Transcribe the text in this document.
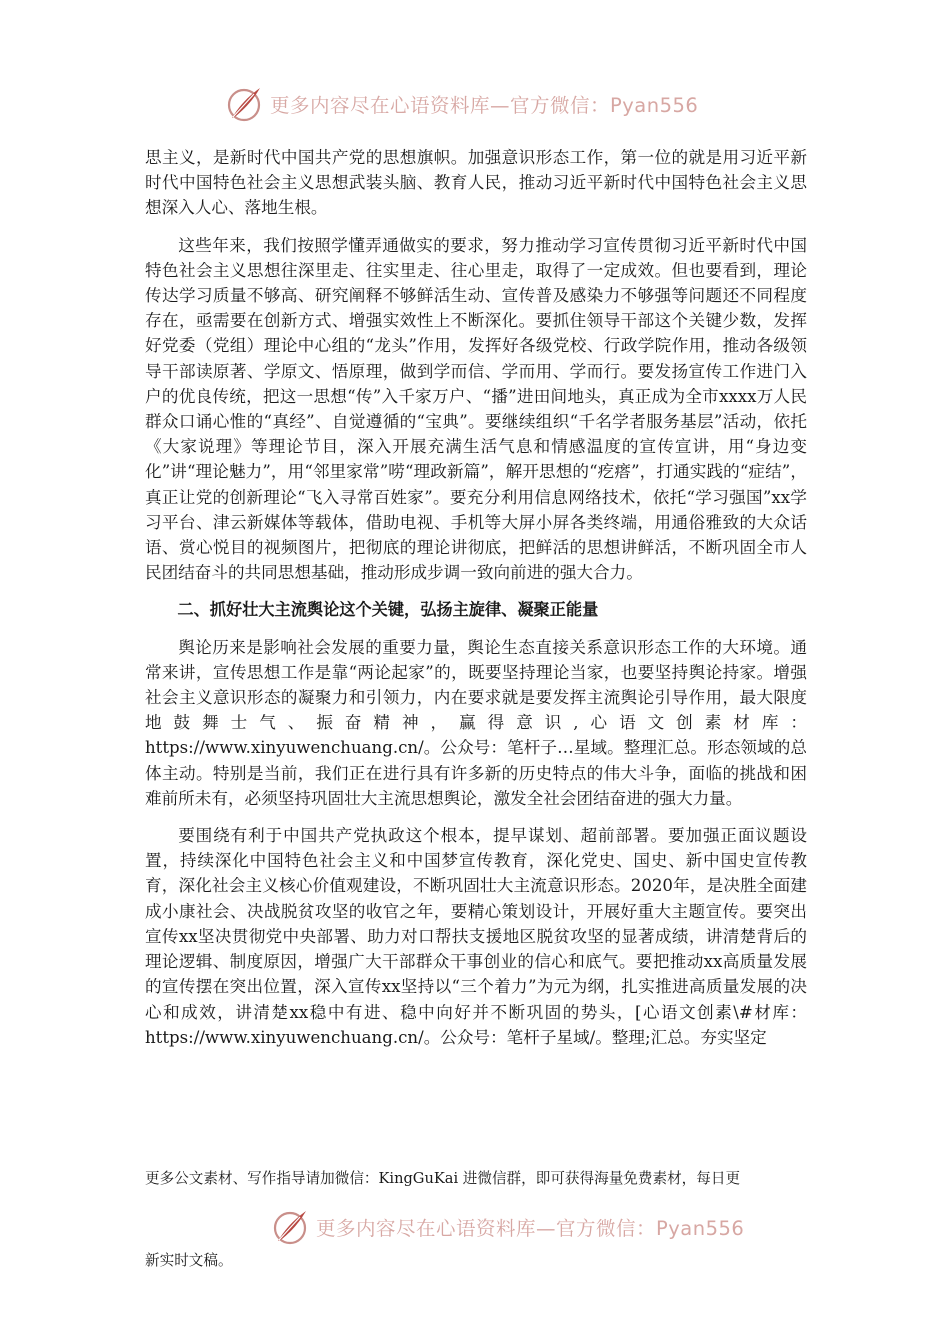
更多内容尽在心语资料库—官方微信：Pyan556

思主义，是新时代中国共产党的思想旗帜。加强意识形态工作，第一位的就是用习近平新时代中国特色社会主义思想武装头脑、教育人民，推动习近平新时代中国特色社会主义思想深入人心、落地生根。

这些年来，我们按照学懂弄通做实的要求，努力推动学习宣传贯彻习近平新时代中国特色社会主义思想往深里走、往实里走、往心里走，取得了一定成效。但也要看到，理论传达学习质量不够高、研究阐释不够鲜活生动、宣传普及感染力不够强等问题还不同程度存在，亟需要在创新方式、增强实效性上不断深化。要抓住领导干部这个关键少数，发挥好党委（党组）理论中心组的“龙头”作用，发挥好各级党校、行政学院作用，推动各级领导干部读原著、学原文、悟原理，做到学而信、学而用、学而行。要发扬宣传工作进门入户的优良传统，把这一思想“传”入千家万户、“播”进田间地头，真正成为全市xxxx万人民群众口诵心惟的“真经”、自觉遵循的“宝典”。要继续组织“千名学者服务基层”活动，依托《大家说理》等理论节目，深入开展充满生活气息和情感温度的宣传宣讲，用“身边变化”讲“理论魅力”，用“邻里家常”唠“理政新篇”，解开思想的“疙瘩”，打通实践的“症结”，真正让党的创新理论“飞入寻常百姓家”。要充分利用信息网络技术，依托“学习强国”xx学习平台、津云新媒体等载体，借助电视、手机等大屏小屏各类终端，用通俗雅致的大众话语、赏心悦目的视频图片，把彻底的理论讲彻底，把鲜活的思想讲鲜活，不断巩固全市人民团结奋斗的共同思想基础，推动形成步调一致向前进的强大合力。

二、抓好壮大主流舆论这个关键，弘扬主旋律、凝聚正能量

舆论历来是影响社会发展的重要力量，舆论生态直接关系意识形态工作的大环境。通常来讲，宣传思想工作是靠“两论起家”的，既要坚持理论当家，也要坚持舆论持家。增强社会主义意识形态的凝聚力和引领力，内在要求就是要发挥主流舆论引导作用，最大限度地鼓舞士气、振奋精神，赢得意识,心语文创素材库：https://www.xinyuwenchuang.cn/。公众号：笔杆子…星域。整理汇总。形态领域的总体主动。特别是当前，我们正在进行具有许多新的历史特点的伟大斗争，面临的挑战和困难前所未有，必须坚持巩固壮大主流思想舆论，激发全社会团结奋进的强大力量。

要围绕有利于中国共产党执政这个根本，提早谋划、超前部署。要加强正面议题设置，持续深化中国特色社会主义和中国梦宣传教育，深化党史、国史、新中国史宣传教育，深化社会主义核心价值观建设，不断巩固壮大主流意识形态。2020年，是决胜全面建成小康社会、决战脱贫攻坚的收官之年，要精心策划设计，开展好重大主题宣传。要突出宣传xx坚决贯彻党中央部署、助力对口帮扶支援地区脱贫攻坚的显著成绩，讲清楚背后的理论逻辑、制度原因，增强广大干部群众干事创业的信心和底气。要把推动xx高质量发展的宣传摆在突出位置，深入宣传xx坚持以“三个着力”为元为纲，扎实推进高质量发展的决心和成效，讲清楚xx稳中有进、稳中向好并不断巩固的势头，[心语文创素\#材库：https://www.xinyuwenchuang.cn/。公众号：笔杆子星域/。整理;汇总。夯实坚定

更多公文素材、写作指导请加微信：KingGuKai 进微信群，即可获得海量免费素材，每日更
更多内容尽在心语资料库—官方微信：Pyan556
新实时文稿。
